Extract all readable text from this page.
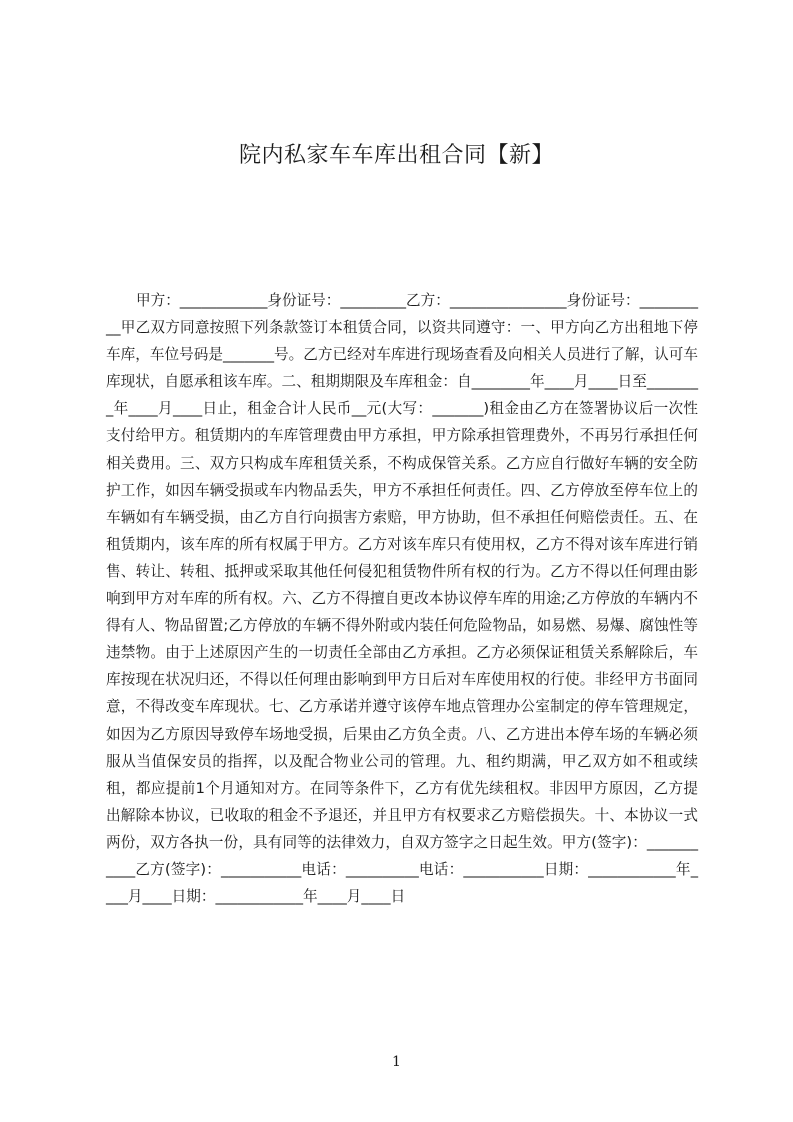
院内私家车车库出租合同【新】

甲方：____________身份证号：_________乙方：________________身份证号：__________甲乙双方同意按照下列条款签订本租赁合同，以资共同遵守：一、甲方向乙方出租地下停车库，车位号码是_______号。乙方已经对车库进行现场查看及向相关人员进行了解，认可车库现状，自愿承租该车库。二、租期期限及车库租金：自________年____月____日至________年____月____日止，租金合计人民币__元(大写：_______)租金由乙方在签署协议后一次性支付给甲方。租赁期内的车库管理费由甲方承担，甲方除承担管理费外，不再另行承担任何相关费用。三、双方只构成车库租赁关系，不构成保管关系。乙方应自行做好车辆的安全防护工作，如因车辆受损或车内物品丢失，甲方不承担任何责任。四、乙方停放至停车位上的车辆如有车辆受损，由乙方自行向损害方索赔，甲方协助，但不承担任何赔偿责任。五、在租赁期内，该车库的所有权属于甲方。乙方对该车库只有使用权，乙方不得对该车库进行销售、转让、转租、抵押或采取其他任何侵犯租赁物件所有权的行为。乙方不得以任何理由影响到甲方对车库的所有权。六、乙方不得擅自更改本协议停车库的用途;乙方停放的车辆内不得有人、物品留置;乙方停放的车辆不得外附或内装任何危险物品，如易燃、易爆、腐蚀性等违禁物。由于上述原因产生的一切责任全部由乙方承担。乙方必须保证租赁关系解除后，车库按现在状况归还，不得以任何理由影响到甲方日后对车库使用权的行使。非经甲方书面同意，不得改变车库现状。七、乙方承诺并遵守该停车地点管理办公室制定的停车管理规定，如因为乙方原因导致停车场地受损，后果由乙方负全责。八、乙方进出本停车场的车辆必须服从当值保安员的指挥，以及配合物业公司的管理。九、租约期满，甲乙双方如不租或续租，都应提前1个月通知对方。在同等条件下，乙方有优先续租权。非因甲方原因，乙方提出解除本协议，已收取的租金不予退还，并且甲方有权要求乙方赔偿损失。十、本协议一式两份，双方各执一份，具有同等的法律效力，自双方签字之日起生效。甲方(签字)：___________乙方(签字)：___________电话：__________电话：___________日期：____________年____月____日期：____________年____月____日

1
